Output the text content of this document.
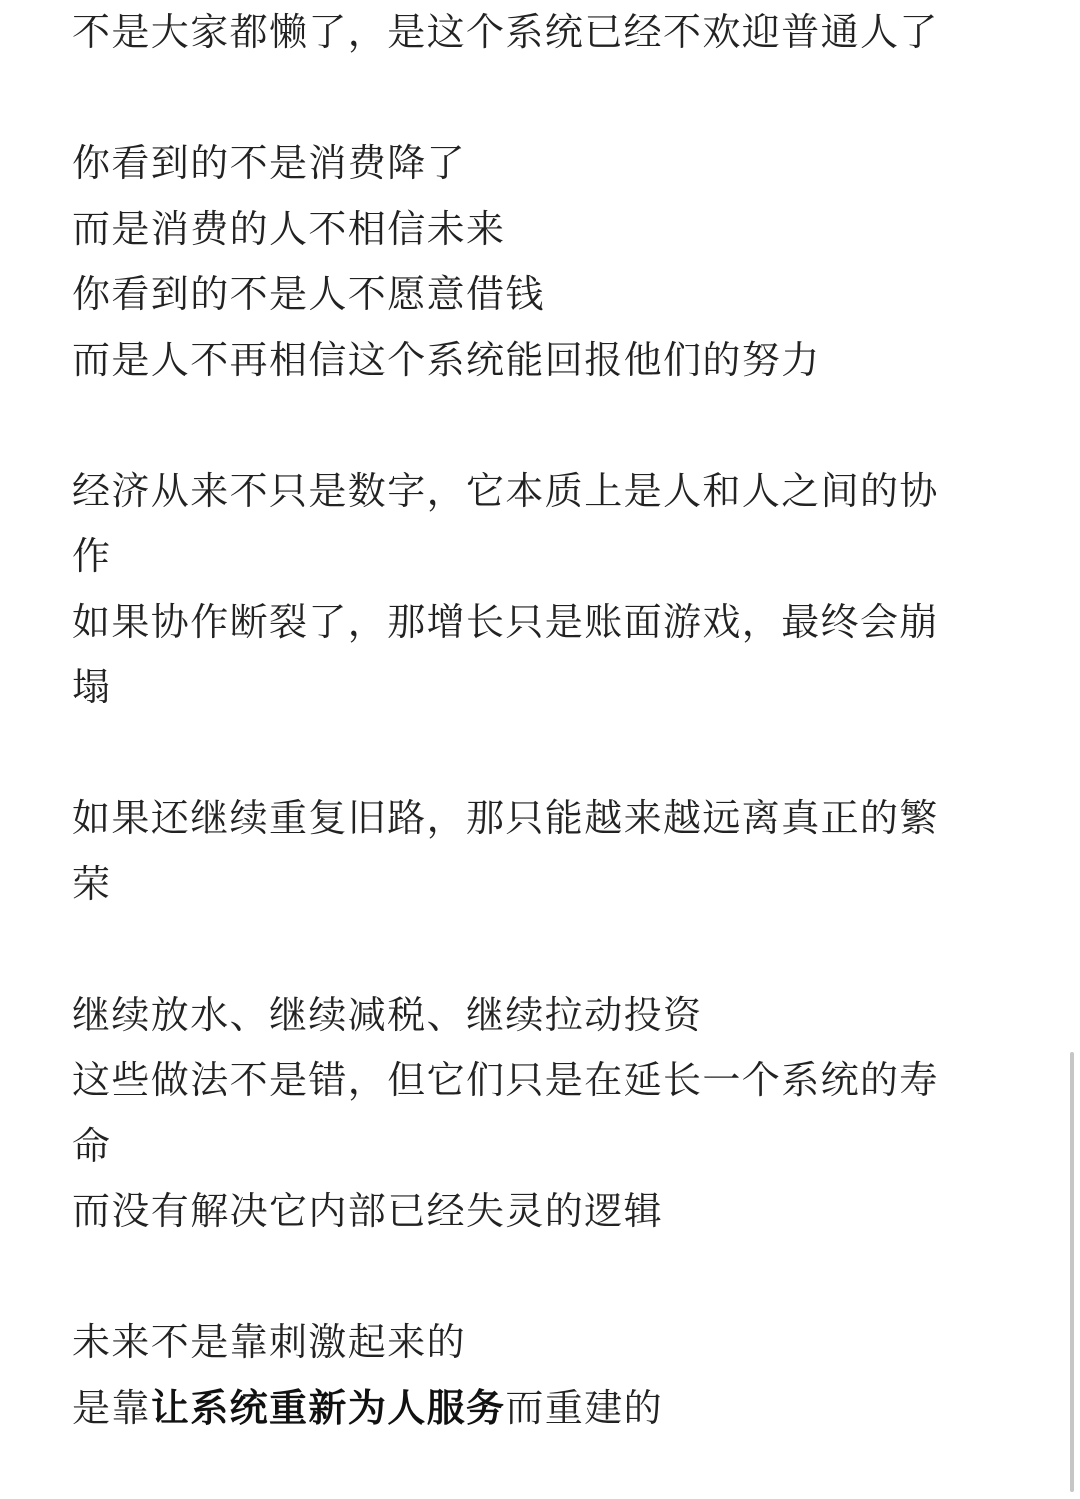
不是大家都懒了，是这个系统已经不欢迎普通人了
你看到的不是消费降了
而是消费的人不相信未来
你看到的不是人不愿意借钱
而是人不再相信这个系统能回报他们的努力
经济从来不只是数字，它本质上是人和人之间的协
作
如果协作断裂了，那增长只是账面游戏，最终会崩
塌
如果还继续重复旧路，那只能越来越远离真正的繁
荣
继续放水、继续减税、继续拉动投资
这些做法不是错，但它们只是在延长一个系统的寿
命
而没有解决它内部已经失灵的逻辑
未来不是靠刺激起来的
是靠让系统重新为人服务而重建的
